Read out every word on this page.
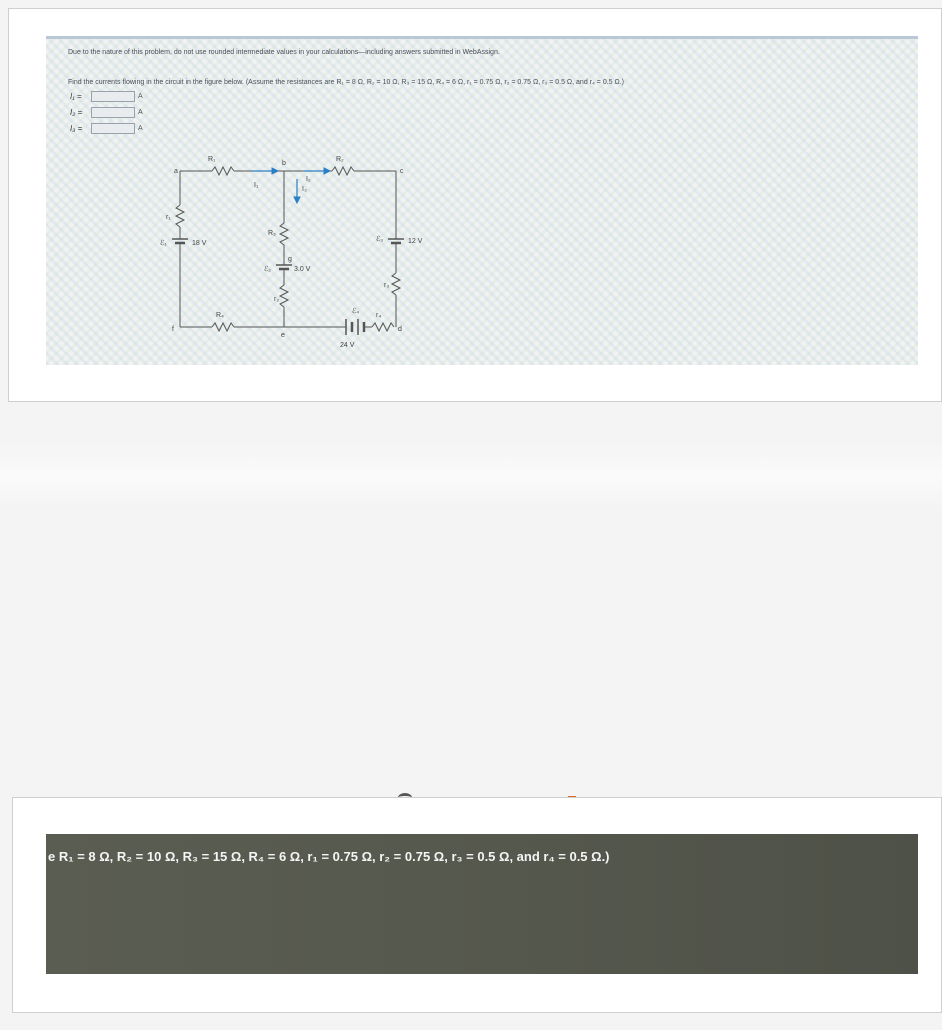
Due to the nature of this problem, do not use rounded intermediate values in your calculations—including answers submitted in WebAssign.
Find the currents flowing in the circuit in the figure below. (Assume the resistances are R₁ = 8 Ω, R₂ = 10 Ω, R₃ = 15 Ω, R₄ = 6 Ω, r₁ = 0.75 Ω, r₂ = 0.75 Ω, r₃ = 0.5 Ω, and r₄ = 0.5 Ω.)
I₁ =	A
I₂ =	A
I₃ =	A
R₁	R₂
R₃
R₄
r₁
r₂
r₃
r₄
ℰ₁
ℰ₂
ℰ₃
ℰ₄
18 V
3.0 V
12 V
24 V
I₁
I₃
I₂
a
b
c
d
e
f
g
e R₁ = 8 Ω, R₂ = 10 Ω, R₃ = 15 Ω, R₄ = 6 Ω, r₁ = 0.75 Ω, r₂ = 0.75 Ω, r₃ = 0.5 Ω, and r₄ = 0.5 Ω.)
